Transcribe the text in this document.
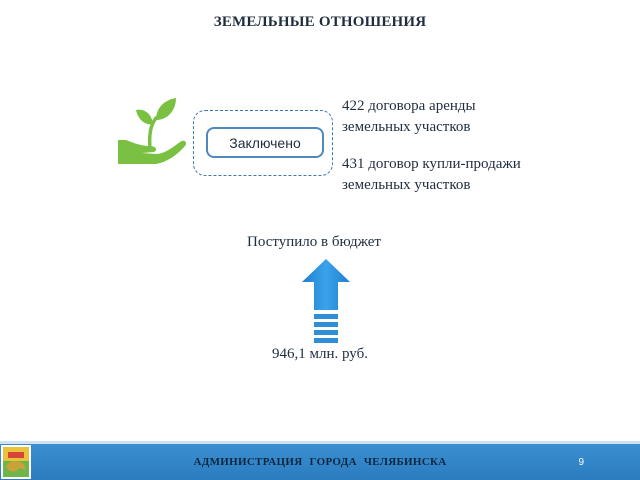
ЗЕМЕЛЬНЫЕ ОТНОШЕНИЯ
Заключено
422 договора аренды
земельных участков
431 договор купли-продажи
земельных участков
Поступило в бюджет
946,1 млн. руб.
АДМИНИСТРАЦИЯ ГОРОДА ЧЕЛЯБИНСКА	9
